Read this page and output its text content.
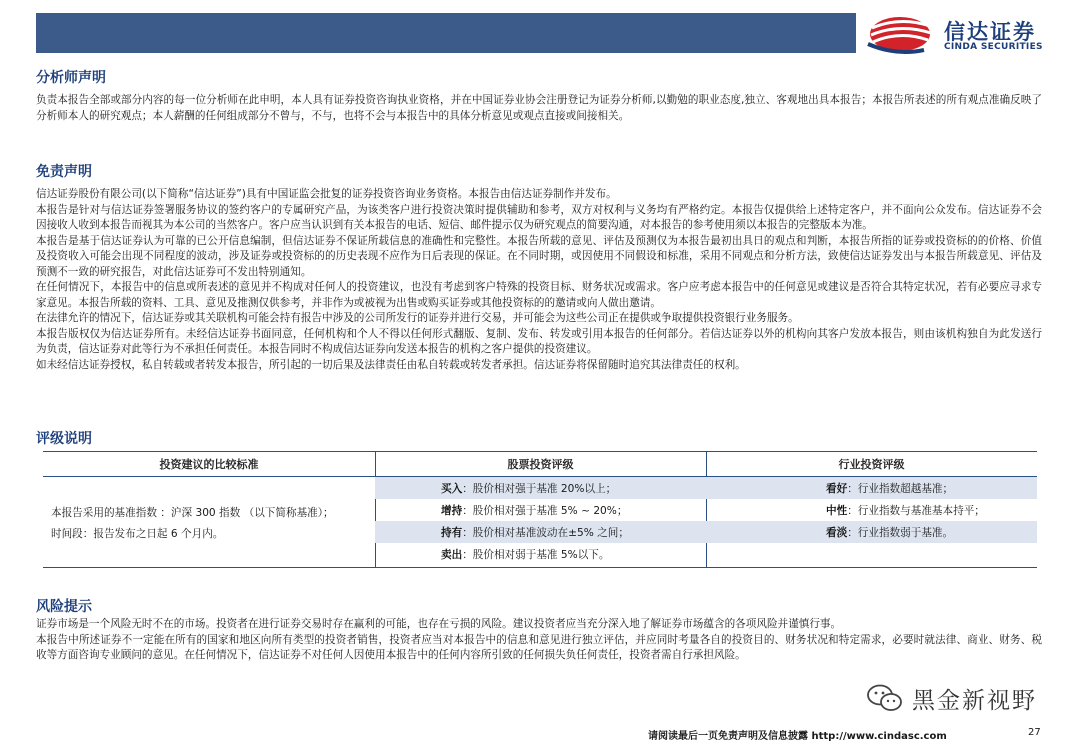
信达证券
CINDA SECURITIES
分析师声明

负责本报告全部或部分内容的每一位分析师在此申明，本人具有证券投资咨询执业资格，并在中国证券业协会注册登记为证券分析师,以勤勉的职业态度,独立、客观地出具本报告；本报告所表述的所有观点准确反映了分析师本人的研究观点；本人薪酬的任何组成部分不曾与，不与，也将不会与本报告中的具体分析意见或观点直接或间接相关。

免责声明

信达证券股份有限公司(以下简称“信达证券”)具有中国证监会批复的证券投资咨询业务资格。本报告由信达证券制作并发布。

本报告是针对与信达证券签署服务协议的签约客户的专属研究产品，为该类客户进行投资决策时提供辅助和参考，双方对权利与义务均有严格约定。本报告仅提供给上述特定客户，并不面向公众发布。信达证券不会因接收人收到本报告而视其为本公司的当然客户。客户应当认识到有关本报告的电话、短信、邮件提示仅为研究观点的简要沟通，对本报告的参考使用须以本报告的完整版本为准。

本报告是基于信达证券认为可靠的已公开信息编制，但信达证券不保证所载信息的准确性和完整性。本报告所载的意见、评估及预测仅为本报告最初出具日的观点和判断，本报告所指的证券或投资标的的价格、价值及投资收入可能会出现不同程度的波动，涉及证券或投资标的的历史表现不应作为日后表现的保证。在不同时期，或因使用不同假设和标准，采用不同观点和分析方法，致使信达证券发出与本报告所载意见、评估及预测不一致的研究报告，对此信达证券可不发出特别通知。

在任何情况下，本报告中的信息或所表述的意见并不构成对任何人的投资建议，也没有考虑到客户特殊的投资目标、财务状况或需求。客户应考虑本报告中的任何意见或建议是否符合其特定状况，若有必要应寻求专家意见。本报告所载的资料、工具、意见及推测仅供参考，并非作为或被视为出售或购买证券或其他投资标的的邀请或向人做出邀请。

在法律允许的情况下，信达证券或其关联机构可能会持有报告中涉及的公司所发行的证券并进行交易，并可能会为这些公司正在提供或争取提供投资银行业务服务。

本报告版权仅为信达证券所有。未经信达证券书面同意，任何机构和个人不得以任何形式翻版、复制、发布、转发或引用本报告的任何部分。若信达证券以外的机构向其客户发放本报告，则由该机构独自为此发送行为负责，信达证券对此等行为不承担任何责任。本报告同时不构成信达证券向发送本报告的机构之客户提供的投资建议。

如未经信达证券授权，私自转载或者转发本报告，所引起的一切后果及法律责任由私自转载或转发者承担。信达证券将保留随时追究其法律责任的权利。

评级说明
投资建议的比较标准	股票投资评级	行业投资评级
本报告采用的基准指数 ：沪深 300 指数 （以下简称基准）；
时间段：报告发布之日起 6 个月内。
买入：股价相对强于基准 20%以上；	看好：行业指数超越基准；
增持：股价相对强于基准 5% ~ 20%；	中性：行业指数与基准基本持平；
持有：股价相对基准波动在±5% 之间；	看淡：行业指数弱于基准。
卖出：股价相对弱于基准 5%以下。
风险提示

证券市场是一个风险无时不在的市场。投资者在进行证券交易时存在赢利的可能，也存在亏损的风险。建议投资者应当充分深入地了解证券市场蕴含的各项风险并谨慎行事。

本报告中所述证券不一定能在所有的国家和地区向所有类型的投资者销售，投资者应当对本报告中的信息和意见进行独立评估，并应同时考量各自的投资目的、财务状况和特定需求，必要时就法律、商业、财务、税收等方面咨询专业顾问的意见。在任何情况下，信达证券不对任何人因使用本报告中的任何内容所引致的任何损失负任何责任，投资者需自行承担风险。

黑金新视野
请阅读最后一页免责声明及信息披露 http://www.cindasc.com	27
